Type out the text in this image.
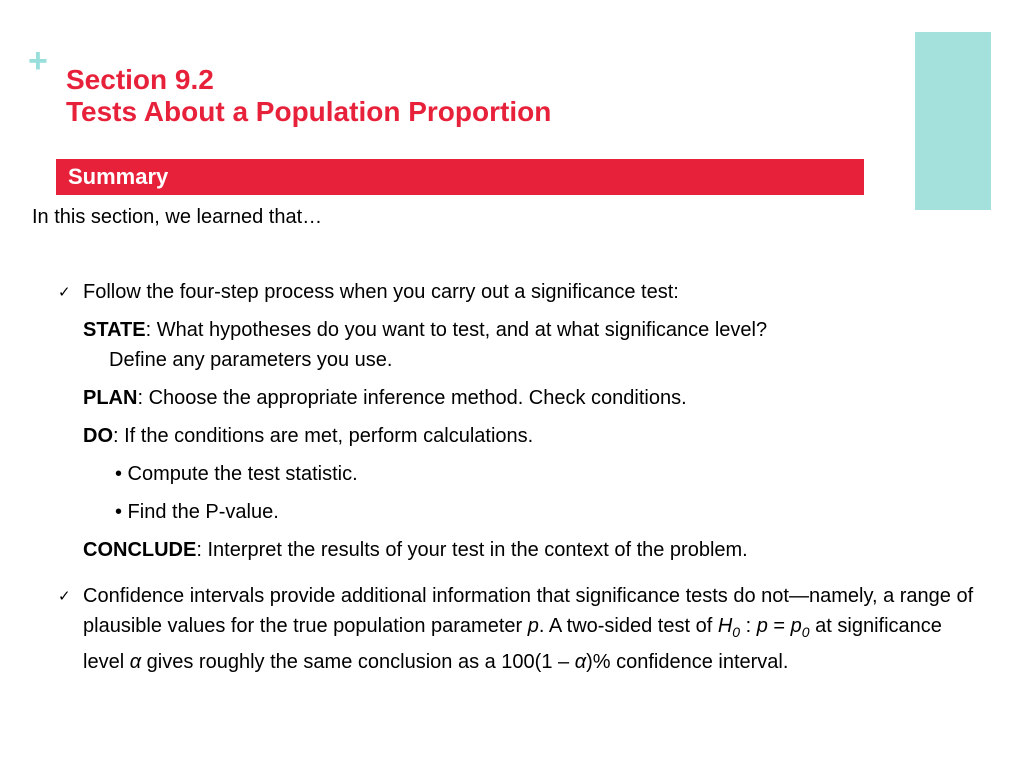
+ Section 9.2
Tests About a Population Proportion
Summary
In this section, we learned that…
✓ Follow the four-step process when you carry out a significance test:
STATE: What hypotheses do you want to test, and at what significance level?
Define any parameters you use.
PLAN: Choose the appropriate inference method. Check conditions.
DO: If the conditions are met, perform calculations.
• Compute the test statistic.
• Find the P-value.
CONCLUDE: Interpret the results of your test in the context of the problem.
✓ Confidence intervals provide additional information that significance tests do not—namely, a range of plausible values for the true population parameter p. A two-sided test of $H_0$ : $p = p_0$ at significance level α gives roughly the same conclusion as a 100(1 – α)% confidence interval.
